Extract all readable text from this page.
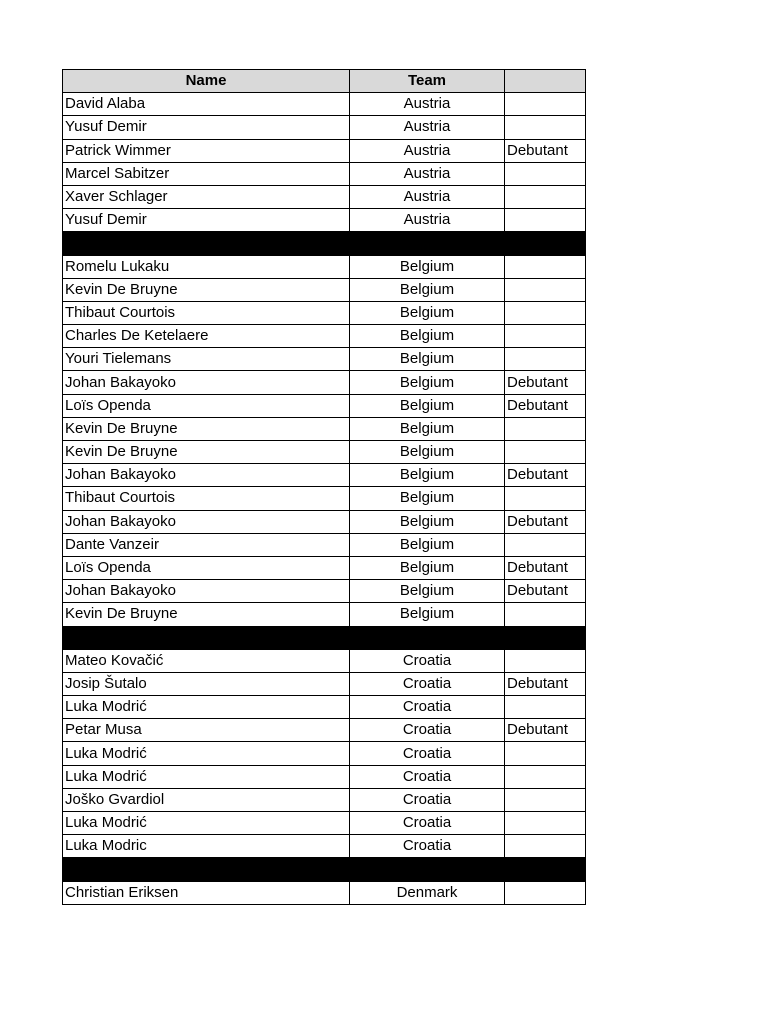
Name	Team	
David Alaba	Austria	
Yusuf Demir	Austria	
Patrick Wimmer	Austria	Debutant
Marcel Sabitzer	Austria	
Xaver Schlager	Austria	
Yusuf Demir	Austria	

Romelu Lukaku	Belgium	
Kevin De Bruyne	Belgium	
Thibaut Courtois	Belgium	
Charles De Ketelaere	Belgium	
Youri Tielemans	Belgium	
Johan Bakayoko	Belgium	Debutant
Loïs Openda	Belgium	Debutant
Kevin De Bruyne	Belgium	
Kevin De Bruyne	Belgium	
Johan Bakayoko	Belgium	Debutant
Thibaut Courtois	Belgium	
Johan Bakayoko	Belgium	Debutant
Dante Vanzeir	Belgium	
Loïs Openda	Belgium	Debutant
Johan Bakayoko	Belgium	Debutant
Kevin De Bruyne	Belgium	

Mateo Kovačić	Croatia	
Josip Šutalo	Croatia	Debutant
Luka Modrić	Croatia	
Petar Musa	Croatia	Debutant
Luka Modrić	Croatia	
Luka Modrić	Croatia	
Joško Gvardiol	Croatia	
Luka Modrić	Croatia	
Luka Modric	Croatia	

Christian Eriksen	Denmark	
